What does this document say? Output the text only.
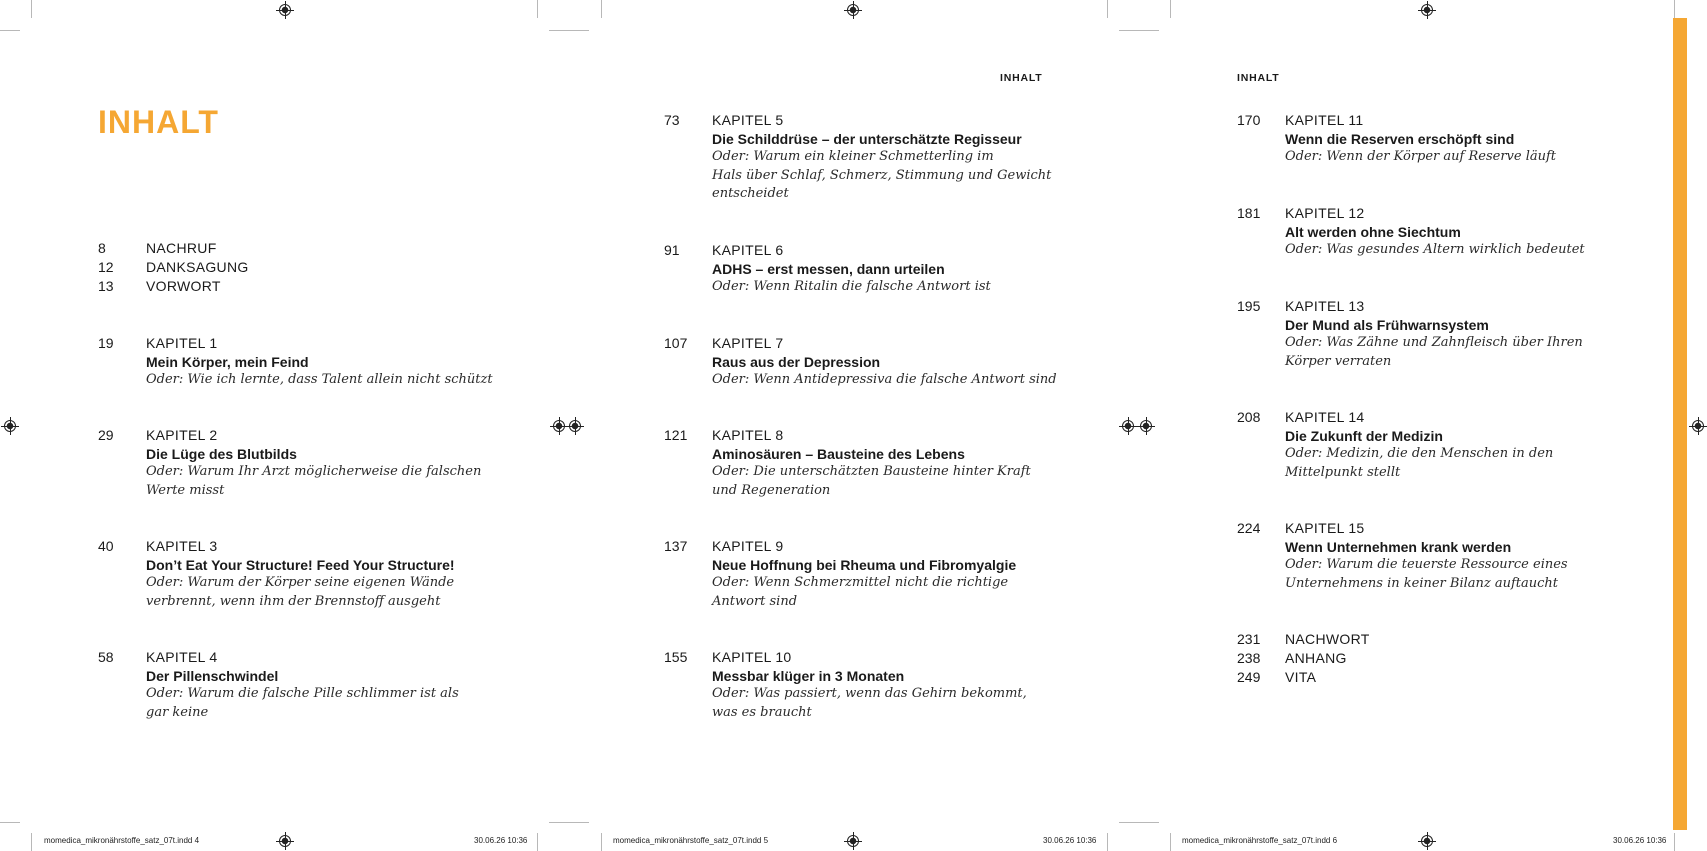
INHALT
8	NACHRUF
12 DANKSAGUNG
13 VORWORT
19 KAPITEL 1
Mein Körper, mein Feind
Oder: Wie ich lernte, dass Talent allein nicht schützt
29 KAPITEL 2
Die Lüge des Blutbilds
Oder: Warum Ihr Arzt möglicherweise die falschen
Werte misst
40 KAPITEL 3
Don’t Eat Your Structure! Feed Your Structure!
Oder: Warum der Körper seine eigenen Wände
verbrennt, wenn ihm der Brennstoff ausgeht
58 KAPITEL 4
Der Pillenschwindel
Oder: Warum die falsche Pille schlimmer ist als
gar keine
momedica_mikronährstoffe_satz_07t.indd 4	30.06.26 10:36
INHALT
73 KAPITEL 5
Die Schilddrüse – der unterschätzte Regisseur
Oder: Warum ein kleiner Schmetterling im
Hals über Schlaf, Schmerz, Stimmung und Gewicht
entscheidet
91 KAPITEL 6
ADHS – erst messen, dann urteilen
Oder: Wenn Ritalin die falsche Antwort ist
107 KAPITEL 7
Raus aus der Depression
Oder: Wenn Antidepressiva die falsche Antwort sind
121 KAPITEL 8
Aminosäuren – Bausteine des Lebens
Oder: Die unterschätzten Bausteine hinter Kraft
und Regeneration
137 KAPITEL 9
Neue Hoffnung bei Rheuma und Fibromyalgie
Oder: Wenn Schmerzmittel nicht die richtige
Antwort sind
155 KAPITEL 10
Messbar klüger in 3 Monaten
Oder: Was passiert, wenn das Gehirn bekommt,
was es braucht
momedica_mikronährstoffe_satz_07t.indd 5	30.06.26 10:36
INHALT
170 KAPITEL 11
Wenn die Reserven erschöpft sind
Oder: Wenn der Körper auf Reserve läuft
181 KAPITEL 12
Alt werden ohne Siechtum
Oder: Was gesundes Altern wirklich bedeutet
195 KAPITEL 13
Der Mund als Frühwarnsystem
Oder: Was Zähne und Zahnfleisch über Ihren
Körper verraten
208 KAPITEL 14
Die Zukunft der Medizin
Oder: Medizin, die den Menschen in den
Mittelpunkt stellt
224 KAPITEL 15
Wenn Unternehmen krank werden
Oder: Warum die teuerste Ressource eines
Unternehmens in keiner Bilanz auftaucht
231 NACHWORT
238 ANHANG
249 VITA
momedica_mikronährstoffe_satz_07t.indd 6	30.06.26 10:36
